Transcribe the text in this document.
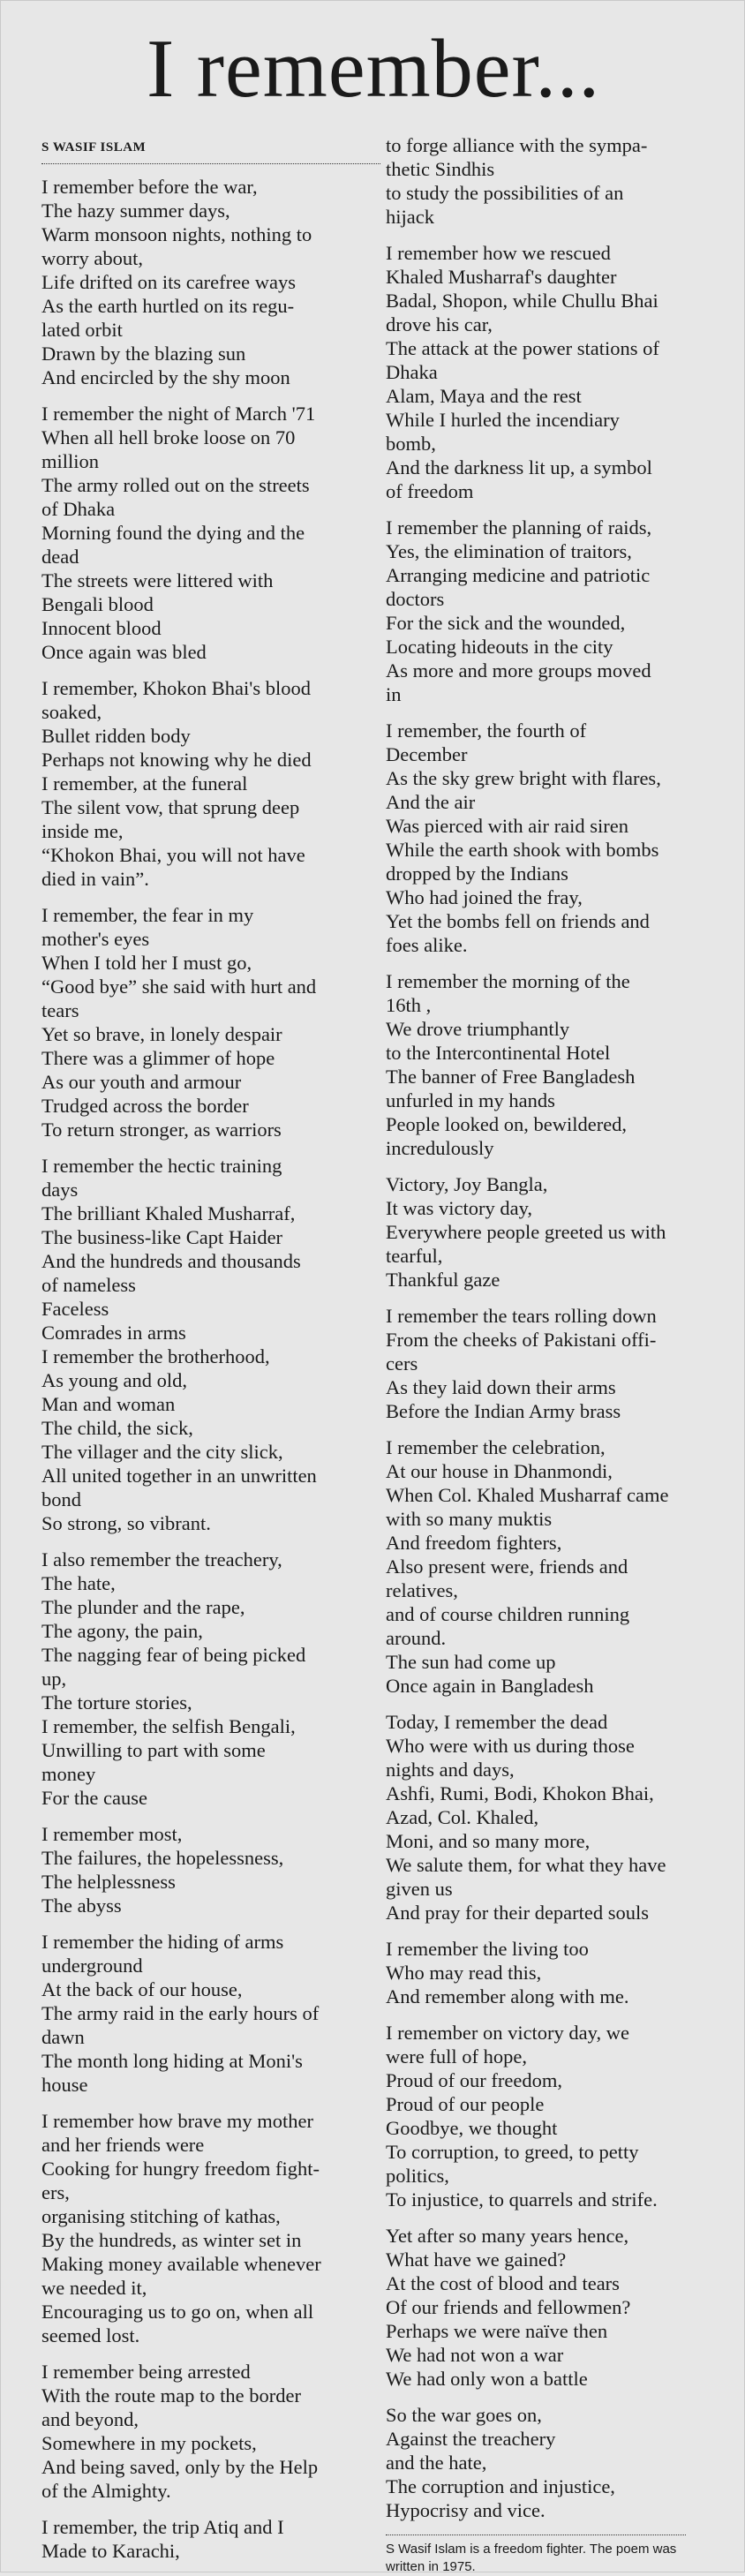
I remember...
S WASIF ISLAM
I remember before the war,
The hazy summer days,
Warm monsoon nights, nothing to
worry about,
Life drifted on its carefree ways
As the earth hurtled on its regu-
lated orbit
Drawn by the blazing sun
And encircled by the shy moon
I remember the night of March '71
When all hell broke loose on 70
million
The army rolled out on the streets
of Dhaka
Morning found the dying and the
dead
The streets were littered with
Bengali blood
Innocent blood
Once again was bled
I remember, Khokon Bhai's blood
soaked,
Bullet ridden body
Perhaps not knowing why he died
I remember, at the funeral
The silent vow, that sprung deep
inside me,
“Khokon Bhai, you will not have
died in vain”.
I remember, the fear in my
mother's eyes
When I told her I must go,
“Good bye” she said with hurt and
tears
Yet so brave, in lonely despair
There was a glimmer of hope
As our youth and armour
Trudged across the border
To return stronger, as warriors
I remember the hectic training
days
The brilliant Khaled Musharraf,
The business-like Capt Haider
And the hundreds and thousands
of nameless
Faceless
Comrades in arms
I remember the brotherhood,
As young and old,
Man and woman
The child, the sick,
The villager and the city slick,
All united together in an unwritten
bond
So strong, so vibrant.
I also remember the treachery,
The hate,
The plunder and the rape,
The agony, the pain,
The nagging fear of being picked
up,
The torture stories,
I remember, the selfish Bengali,
Unwilling to part with some
money
For the cause
I remember most,
The failures, the hopelessness,
The helplessness
The abyss
I remember the hiding of arms
underground
At the back of our house,
The army raid in the early hours of
dawn
The month long hiding at Moni's
house
I remember how brave my mother
and her friends were
Cooking for hungry freedom fight-
ers,
organising stitching of kathas,
By the hundreds, as winter set in
Making money available whenever
we needed it,
Encouraging us to go on, when all
seemed lost.
I remember being arrested
With the route map to the border
and beyond,
Somewhere in my pockets,
And being saved, only by the Help
of the Almighty.
I remember, the trip Atiq and I
Made to Karachi,
to forge alliance with the sympa-
thetic Sindhis
to study the possibilities of an
hijack
I remember how we rescued
Khaled Musharraf's daughter
Badal, Shopon, while Chullu Bhai
drove his car,
The attack at the power stations of
Dhaka
Alam, Maya and the rest
While I hurled the incendiary
bomb,
And the darkness lit up, a symbol
of freedom
I remember the planning of raids,
Yes, the elimination of traitors,
Arranging medicine and patriotic
doctors
For the sick and the wounded,
Locating hideouts in the city
As more and more groups moved
in
I remember, the fourth of
December
As the sky grew bright with flares,
And the air
Was pierced with air raid siren
While the earth shook with bombs
dropped by the Indians
Who had joined the fray,
Yet the bombs fell on friends and
foes alike.
I remember the morning of the
16th ,
We drove triumphantly
to the Intercontinental Hotel
The banner of Free Bangladesh
unfurled in my hands
People looked on, bewildered,
incredulously
Victory, Joy Bangla,
It was victory day,
Everywhere people greeted us with
tearful,
Thankful gaze
I remember the tears rolling down
From the cheeks of Pakistani offi-
cers
As they laid down their arms
Before the Indian Army brass
I remember the celebration,
At our house in Dhanmondi,
When Col. Khaled Musharraf came
with so many muktis
And freedom fighters,
Also present were, friends and
relatives,
and of course children running
around.
The sun had come up
Once again in Bangladesh
Today, I remember the dead
Who were with us during those
nights and days,
Ashfi, Rumi, Bodi, Khokon Bhai,
Azad, Col. Khaled,
Moni, and so many more,
We salute them, for what they have
given us
And pray for their departed souls
I remember the living too
Who may read this,
And remember along with me.
I remember on victory day, we
were full of hope,
Proud of our freedom,
Proud of our people
Goodbye, we thought
To corruption, to greed, to petty
politics,
To injustice, to quarrels and strife.
Yet after so many years hence,
What have we gained?
At the cost of blood and tears
Of our friends and fellowmen?
Perhaps we were naïve then
We had not won a war
We had only won a battle
So the war goes on,
Against the treachery
and the hate,
The corruption and injustice,
Hypocrisy and vice.
S Wasif Islam is a freedom fighter. The poem was written in 1975.
